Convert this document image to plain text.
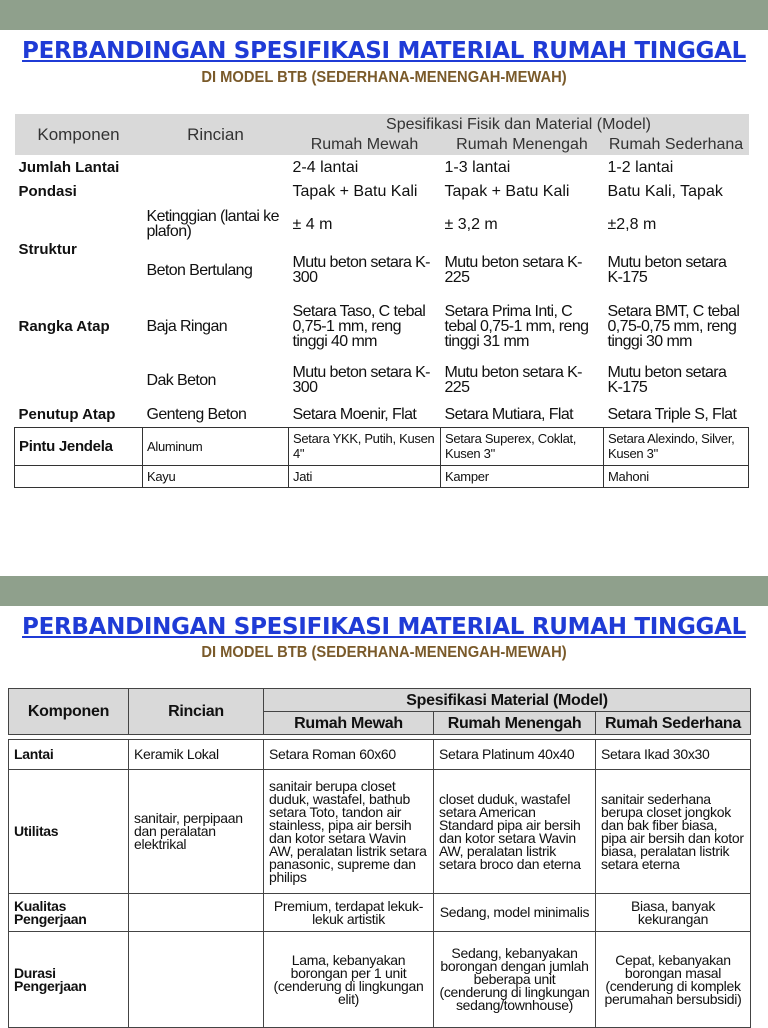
PERBANDINGAN SPESIFIKASI MATERIAL RUMAH TINGGAL
DI MODEL BTB (SEDERHANA-MENENGAH-MEWAH)
Komponen	Rincian	Spesifikasi Fisik dan Material (Model)		
		Rumah Mewah	Rumah Menengah	Rumah Sederhana
Jumlah Lantai		2-4 lantai	1-3 lantai	1-2 lantai
Pondasi		Tapak + Batu Kali	Tapak + Batu Kali	Batu Kali, Tapak
Struktur	Ketinggian (lantai ke plafon)	± 4 m	± 3,2 m	±2,8 m
	Beton Bertulang	Mutu beton setara K-300	Mutu beton setara K-225	Mutu beton setara K-175
Rangka Atap	Baja Ringan	Setara Taso, C tebal 0,75-1 mm, reng tinggi 40 mm	Setara Prima Inti, C tebal 0,75-1 mm, reng tinggi 31 mm	Setara BMT, C tebal 0,75-0,75 mm, reng tinggi 30 mm
	Dak Beton	Mutu beton setara K-300	Mutu beton setara K-225	Mutu beton setara K-175
Penutup Atap	Genteng Beton	Setara Moenir, Flat	Setara Mutiara, Flat	Setara Triple S, Flat
Pintu Jendela	Aluminum	Setara YKK, Putih, Kusen 4"	Setara Superex, Coklat, Kusen 3"	Setara Alexindo, Silver, Kusen 3"
	Kayu	Jati	Kamper	Mahoni
PERBANDINGAN SPESIFIKASI MATERIAL RUMAH TINGGAL
DI MODEL BTB (SEDERHANA-MENENGAH-MEWAH)
Komponen	Rincian	Spesifikasi Material (Model)		
		Rumah Mewah	Rumah Menengah	Rumah Sederhana

Lantai	Keramik Lokal	Setara Roman 60x60	Setara Platinum 40x40	Setara Ikad 30x30
Utilitas	sanitair, perpipaan dan peralatan elektrikal	sanitair berupa closet duduk, wastafel, bathub setara Toto, tandon air stainless, pipa air bersih dan kotor setara Wavin AW, peralatan listrik setara panasonic, supreme dan philips	closet duduk, wastafel setara American Standard pipa air bersih dan kotor setara Wavin AW, peralatan listrik setara broco dan eterna	sanitair sederhana berupa closet jongkok dan bak fiber biasa, pipa air bersih dan kotor biasa, peralatan listrik setara eterna
Kualitas Pengerjaan		Premium, terdapat lekuk-lekuk artistik	Sedang, model minimalis	Biasa, banyak kekurangan
Durasi Pengerjaan		Lama, kebanyakan borongan per 1 unit (cenderung di lingkungan elit)	Sedang, kebanyakan borongan dengan jumlah beberapa unit (cenderung di lingkungan sedang/townhouse)	Cepat, kebanyakan borongan masal (cenderung di komplek perumahan bersubsidi)
